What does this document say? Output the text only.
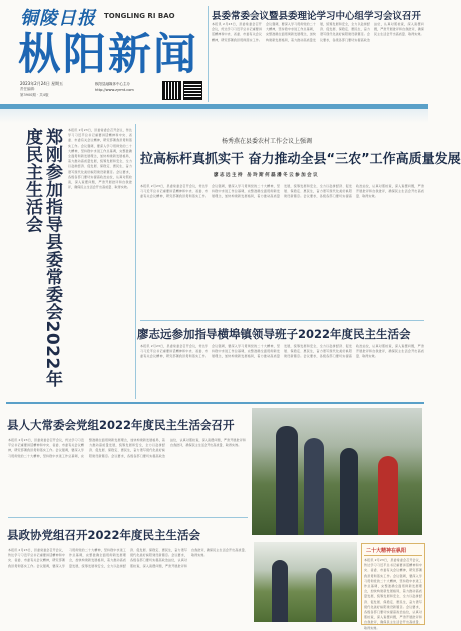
铜陵日报 TONGLING RI BAO
枞阳新闻
2023年2月24日 星期五
责任编辑：
第3900期 · 共4版
枞阳县融媒体中心主办
http://www.zyrmt.com
县委常委会议暨县委理论学习中心组学习会议召开
本报讯 2月23日，县委常委会召开会议，传达学习习近平总书记重要讲话精神和中央、省委、市委有关会议精神，研究部署我县贯彻落实工作。会议强调，要深入学习贯彻党的二十大精神，坚持稳中求进工作总基调，完整准确全面贯彻新发展理念，加快构建新发展格局，着力推动高质量发展，统筹发展和安全，全力以赴拼经济、促发展、保稳定、惠民生，奋力谱写现代化美好枞阳建设新篇章。会议要求，各级各部门要切实提高政治站位，认真对照检查，深入查摆问题，严肃开展批评和自我批评，确保民主生活会开出高质量、取得实效。
郑刚参加指导县委常委会2022年度民主生活会	本报讯 2月23日，县委常委会召开会议，传达学习习近平总书记重要讲话精神和中央、省委、市委有关会议精神，研究部署我县贯彻落实工作。会议强调，要深入学习贯彻党的二十大精神，坚持稳中求进工作总基调，完整准确全面贯彻新发展理念，加快构建新发展格局，着力推动高质量发展，统筹发展和安全，全力以赴拼经济、促发展、保稳定、惠民生，奋力谱写现代化美好枞阳建设新篇章。会议要求，各级各部门要切实提高政治站位，认真对照检查，深入查摆问题，严肃开展批评和自我批评，确保民主生活会开出高质量、取得实效。
杨秀燕在县委农村工作会议上强调
拉高标杆真抓实干 奋力推动全县“三农”工作高质量发展
廖志远主持 岳玲斯何磊潘冬云参加会议
本报讯 2月23日，县委常委会召开会议，传达学习习近平总书记重要讲话精神和中央、省委、市委有关会议精神，研究部署我县贯彻落实工作。会议强调，要深入学习贯彻党的二十大精神，坚持稳中求进工作总基调，完整准确全面贯彻新发展理念，加快构建新发展格局，着力推动高质量发展，统筹发展和安全，全力以赴拼经济、促发展、保稳定、惠民生，奋力谱写现代化美好枞阳建设新篇章。会议要求，各级各部门要切实提高政治站位，认真对照检查，深入查摆问题，严肃开展批评和自我批评，确保民主生活会开出高质量、取得实效。
廖志远参加指导横埠镇领导班子2022年度民主生活会
本报讯 2月23日，县委常委会召开会议，传达学习习近平总书记重要讲话精神和中央、省委、市委有关会议精神，研究部署我县贯彻落实工作。会议强调，要深入学习贯彻党的二十大精神，坚持稳中求进工作总基调，完整准确全面贯彻新发展理念，加快构建新发展格局，着力推动高质量发展，统筹发展和安全，全力以赴拼经济、促发展、保稳定、惠民生，奋力谱写现代化美好枞阳建设新篇章。会议要求，各级各部门要切实提高政治站位，认真对照检查，深入查摆问题，严肃开展批评和自我批评，确保民主生活会开出高质量、取得实效。
县人大常委会党组2022年度民主生活会召开
本报讯 2月23日，县委常委会召开会议，传达学习习近平总书记重要讲话精神和中央、省委、市委有关会议精神，研究部署我县贯彻落实工作。会议强调，要深入学习贯彻党的二十大精神，坚持稳中求进工作总基调，完整准确全面贯彻新发展理念，加快构建新发展格局，着力推动高质量发展，统筹发展和安全，全力以赴拼经济、促发展、保稳定、惠民生，奋力谱写现代化美好枞阳建设新篇章。会议要求，各级各部门要切实提高政治站位，认真对照检查，深入查摆问题，严肃开展批评和自我批评，确保民主生活会开出高质量、取得实效。
县政协党组召开2022年度民主生活会
本报讯 2月23日，县委常委会召开会议，传达学习习近平总书记重要讲话精神和中央、省委、市委有关会议精神，研究部署我县贯彻落实工作。会议强调，要深入学习贯彻党的二十大精神，坚持稳中求进工作总基调，完整准确全面贯彻新发展理念，加快构建新发展格局，着力推动高质量发展，统筹发展和安全，全力以赴拼经济、促发展、保稳定、惠民生，奋力谱写现代化美好枞阳建设新篇章。会议要求，各级各部门要切实提高政治站位，认真对照检查，深入查摆问题，严肃开展批评和自我批评，确保民主生活会开出高质量、取得实效。
二十大精神在枞阳
本报讯 2月23日，县委常委会召开会议，传达学习习近平总书记重要讲话精神和中央、省委、市委有关会议精神，研究部署我县贯彻落实工作。会议强调，要深入学习贯彻党的二十大精神，坚持稳中求进工作总基调，完整准确全面贯彻新发展理念，加快构建新发展格局，着力推动高质量发展，统筹发展和安全，全力以赴拼经济、促发展、保稳定、惠民生，奋力谱写现代化美好枞阳建设新篇章。会议要求，各级各部门要切实提高政治站位，认真对照检查，深入查摆问题，严肃开展批评和自我批评，确保民主生活会开出高质量、取得实效。
